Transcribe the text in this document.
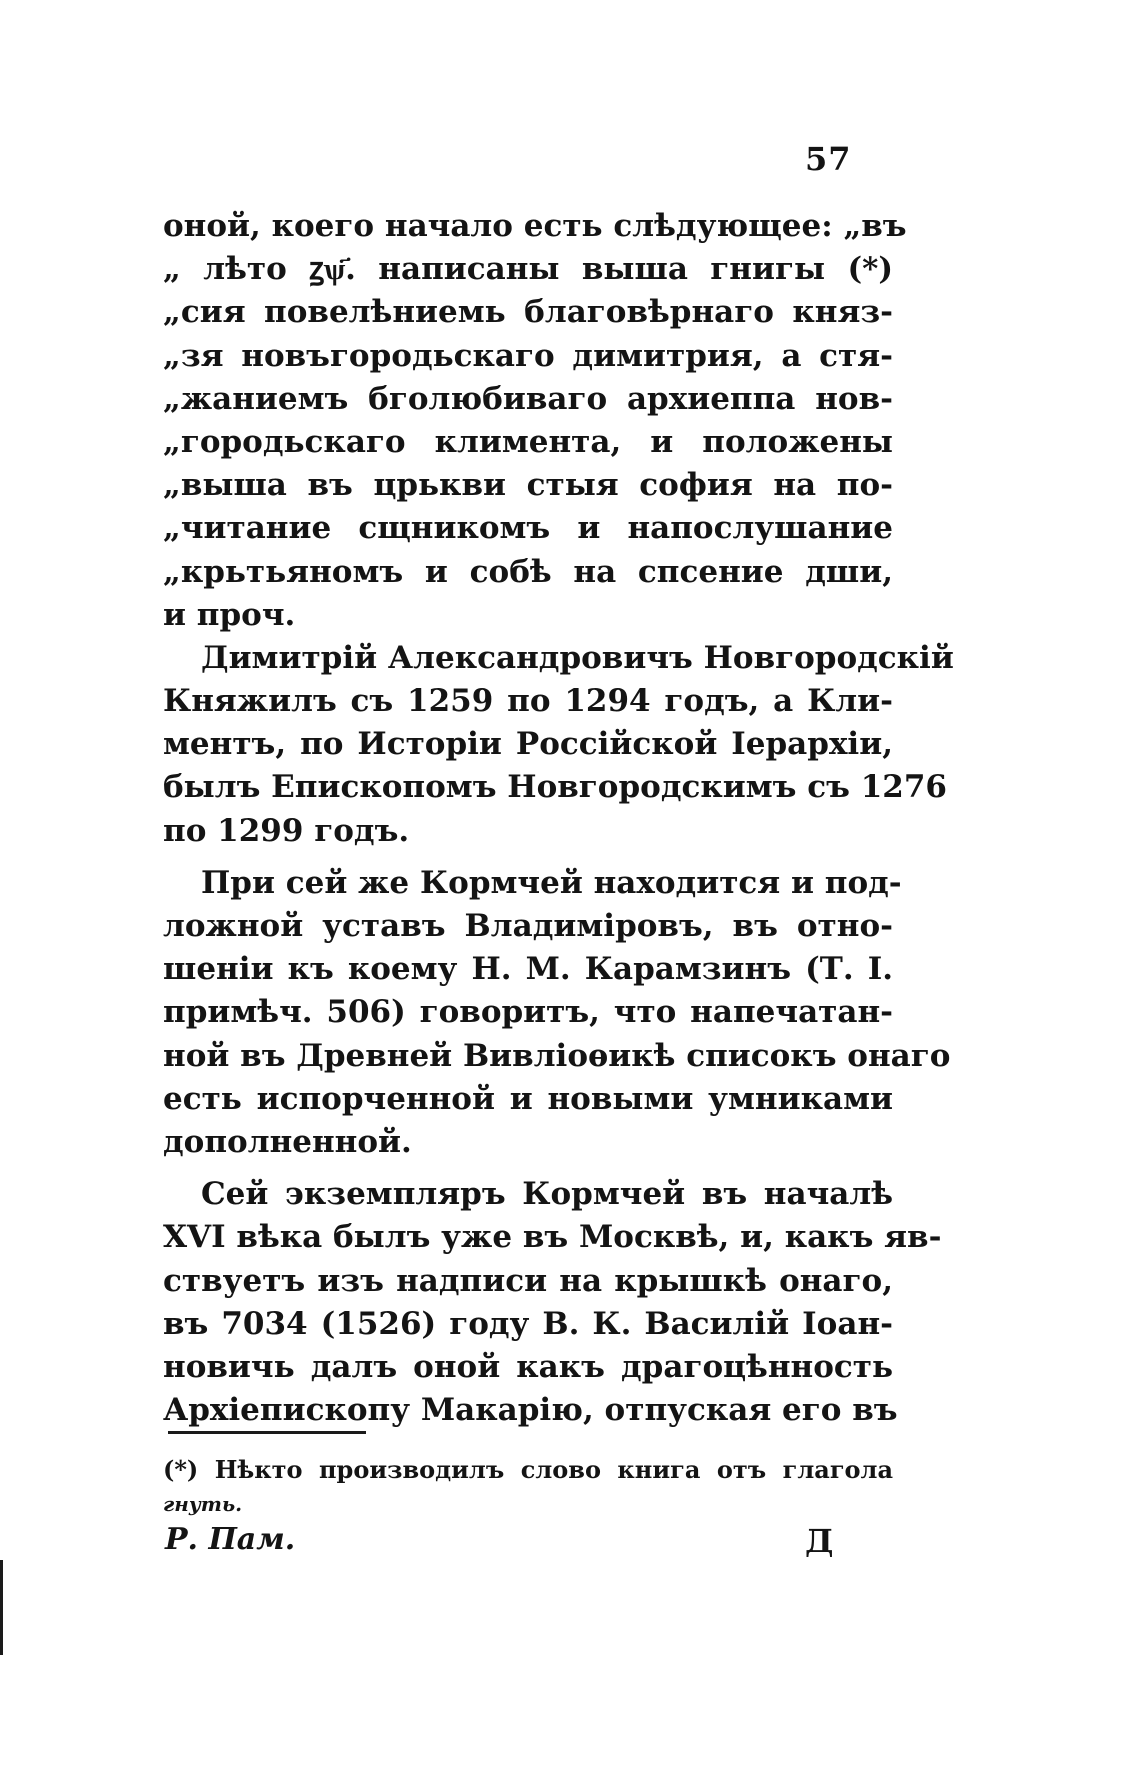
57
оной, коего начало есть слѣдующее: „въ
„ лѣто ꙁѱ҃. написаны выша гнигы (*)
„сия повелѣниемь благовѣрнаго княз-
„зя новъгородьскаго димитрия, а стя-
„жаниемъ бголюбиваго архиеппа нов-
„городьскаго климента, и положены
„выша въ црькви стыя софия на по-
„читание сщникомъ и напослушание
„крьтьяномъ и собѣ на спсение дши,
и проч.
Димитрій Александровичъ Новгородскій
Княжилъ съ 1259 по 1294 годъ, а Кли-
ментъ, по Исторіи Россійской Іерархіи,
былъ Епископомъ Новгородскимъ съ 1276
по 1299 годъ.
При сей же Кормчей находится и под-
ложной уставъ Владиміровъ, въ отно-
шеніи къ коему Н. М. Карамзинъ (Т. I.
примѣч. 506) говоритъ, что напечатан-
ной въ Древней Вивліоѳикѣ списокъ онаго
есть испорченной и новыми умниками
дополненной.
Сей экземпляръ Кормчей въ началѣ
XVI вѣка былъ уже въ Москвѣ, и, какъ яв-
ствуетъ изъ надписи на крышкѣ онаго,
въ 7034 (1526) году В. К. Василій Іоан-
новичь далъ оной какъ драгоцѣнность
Архіепископу Макарію, отпуская его въ
(*) Нѣкто производилъ слово книга отъ глагола
гнуть.
Р. Пам.	Д
